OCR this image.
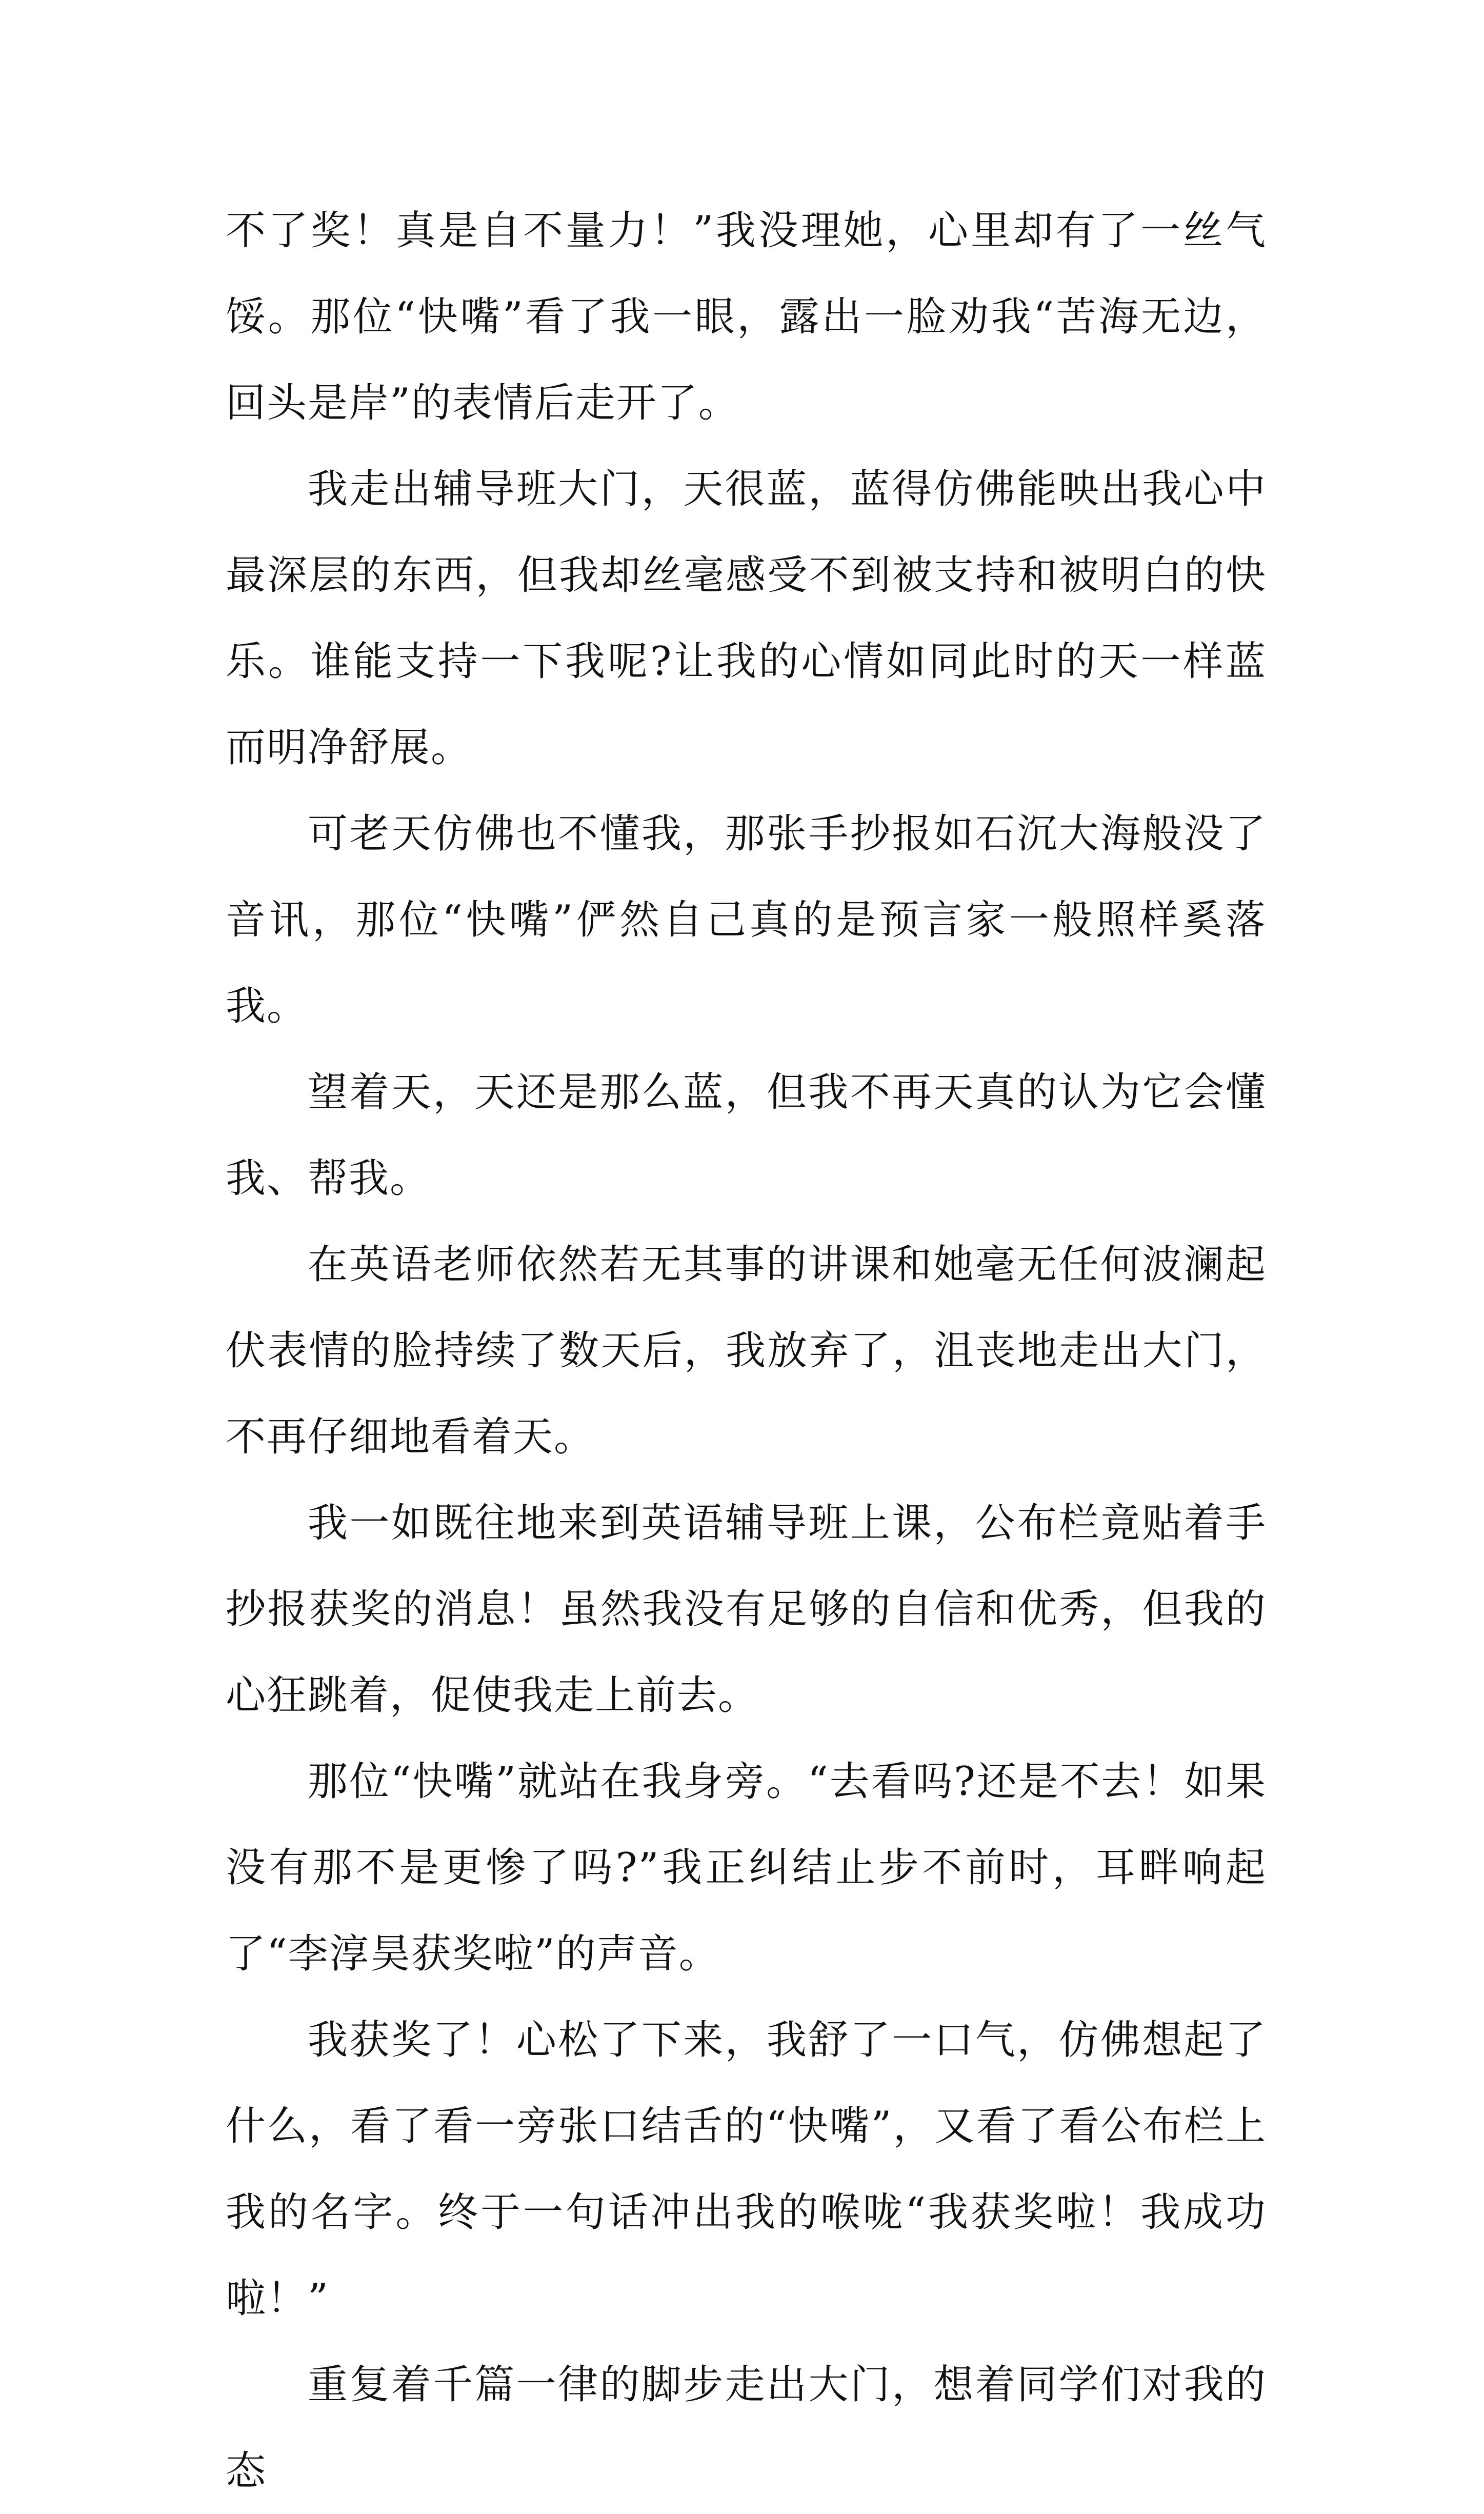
不了奖！真是自不量力！”我没理她，心里却有了一丝气馁。那位“快嘴”看了我一眼，露出一脸劝我“苦海无边，回头是岸”的表情后走开了。

我走出辅导班大门，天很蓝，蓝得仿佛能映出我心中最深层的东西，但我却丝毫感受不到被支持和被明白的快乐。谁能支持一下我呢?让我的心情如同此时的天一样蓝而明净舒展。

可老天仿佛也不懂我，那张手抄报如石沉大海般没了音讯，那位“快嘴”俨然自己真的是预言家一般照样奚落我。

望着天，天还是那么蓝，但我不再天真的认为它会懂我、帮我。

在英语老师依然若无其事的讲课和她毫无任何波澜起伏表情的脸持续了数天后，我放弃了，沮丧地走出大门，不再仔细地看着天。

我一如既往地来到英语辅导班上课，公布栏竟贴着手抄报获奖的消息！虽然我没有足够的自信和优秀，但我的心狂跳着，促使我走上前去。

那位“快嘴”就站在我身旁。“去看吗?还是不去！如果没有那不是更惨了吗?”我正纠结止步不前时，耳畔响起了“李淳昊获奖啦”的声音。

我获奖了！心松了下来，我舒了一口气，仿佛想起了什么，看了看一旁张口结舌的“快嘴”，又看了看公布栏上我的名字。终于一句话冲出我的喉咙“我获奖啦！我成功啦！”

重复着千篇一律的脚步走出大门，想着同学们对我的态
